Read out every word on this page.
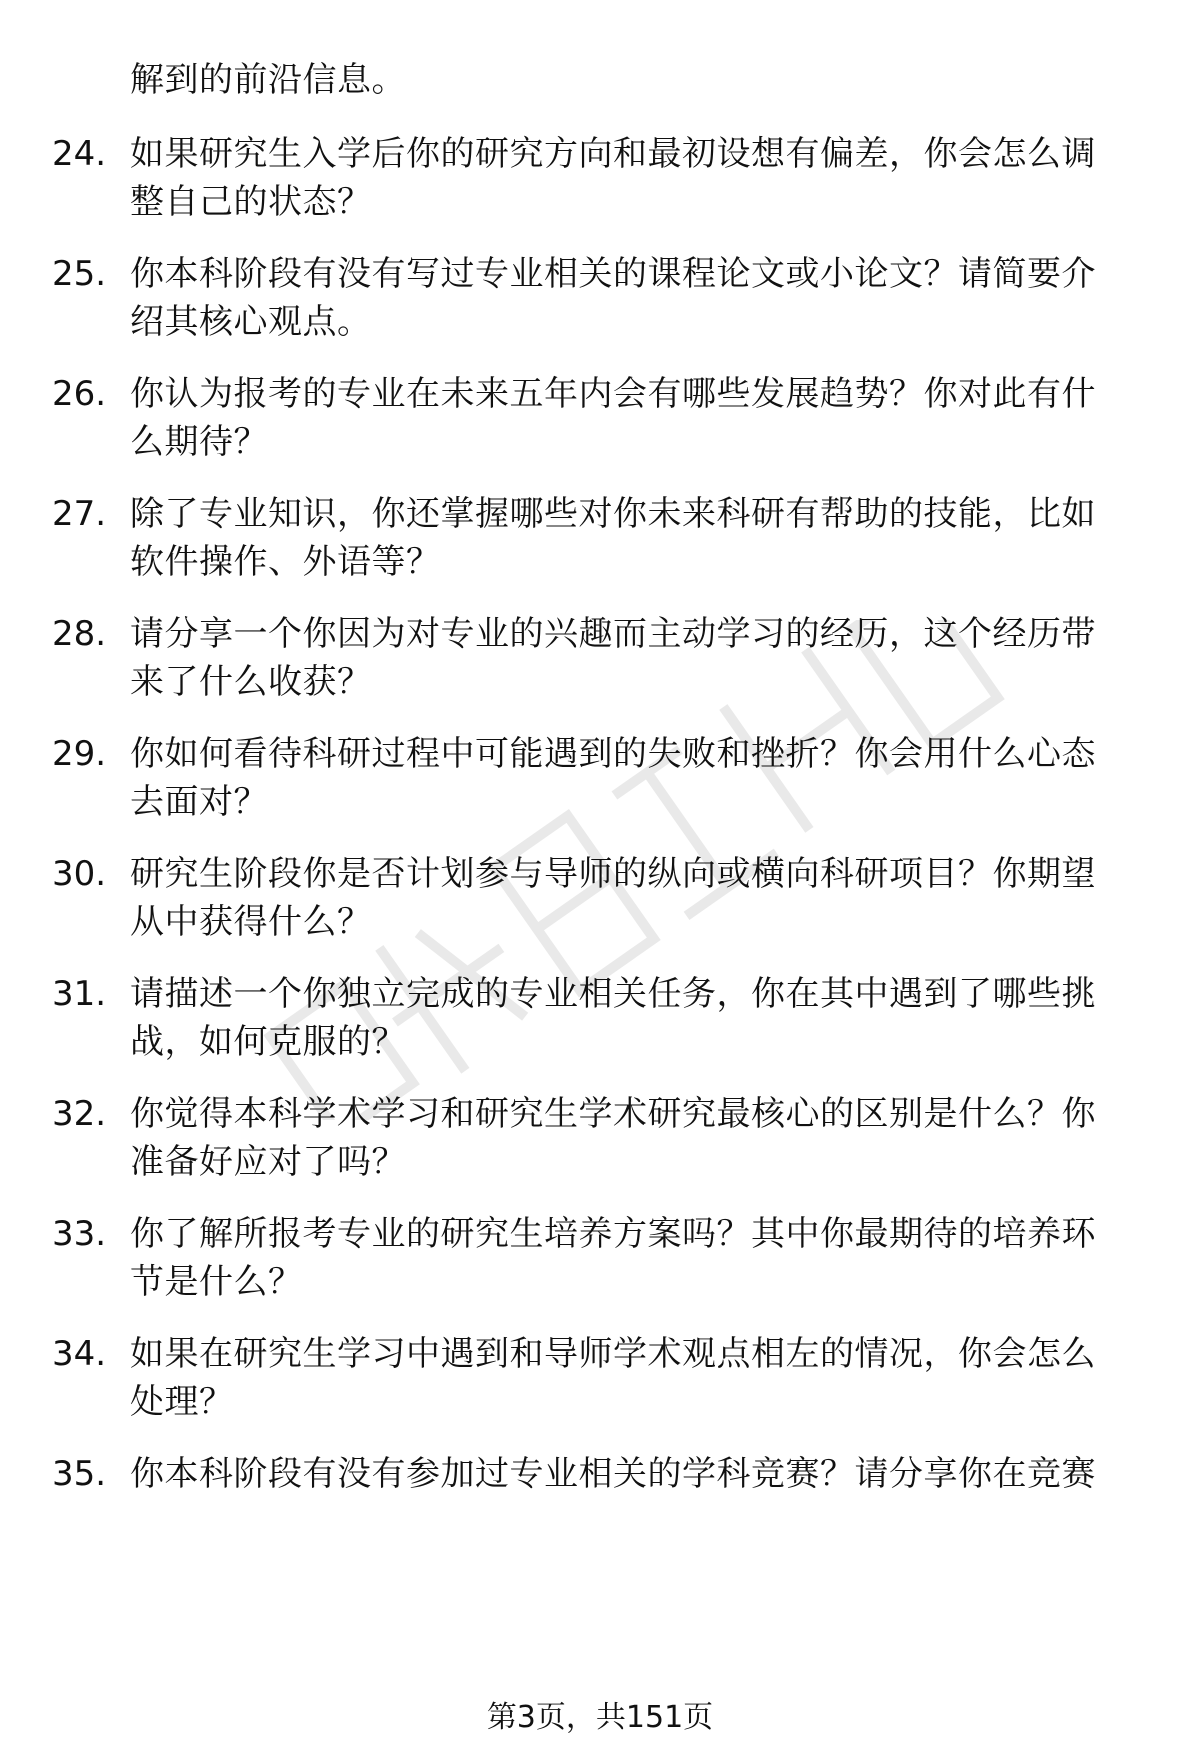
解到的前沿信息。
24. 如果研究生入学后你的研究方向和最初设想有偏差，你会怎么调
整自己的状态？
25. 你本科阶段有没有写过专业相关的课程论文或小论文？请简要介
绍其核心观点。
26. 你认为报考的专业在未来五年内会有哪些发展趋势？你对此有什
么期待？
27. 除了专业知识，你还掌握哪些对你未来科研有帮助的技能，比如
软件操作、外语等？
28. 请分享一个你因为对专业的兴趣而主动学习的经历，这个经历带
来了什么收获？
29. 你如何看待科研过程中可能遇到的失败和挫折？你会用什么心态
去面对？
30. 研究生阶段你是否计划参与导师的纵向或横向科研项目？你期望
从中获得什么？
31. 请描述一个你独立完成的专业相关任务，你在其中遇到了哪些挑
战，如何克服的？
32. 你觉得本科学术学习和研究生学术研究最核心的区别是什么？你
准备好应对了吗？
33. 你了解所报考专业的研究生培养方案吗？其中你最期待的培养环
节是什么？
34. 如果在研究生学习中遇到和导师学术观点相左的情况，你会怎么
处理？
35. 你本科阶段有没有参加过专业相关的学科竞赛？请分享你在竞赛
第3页，共151页
